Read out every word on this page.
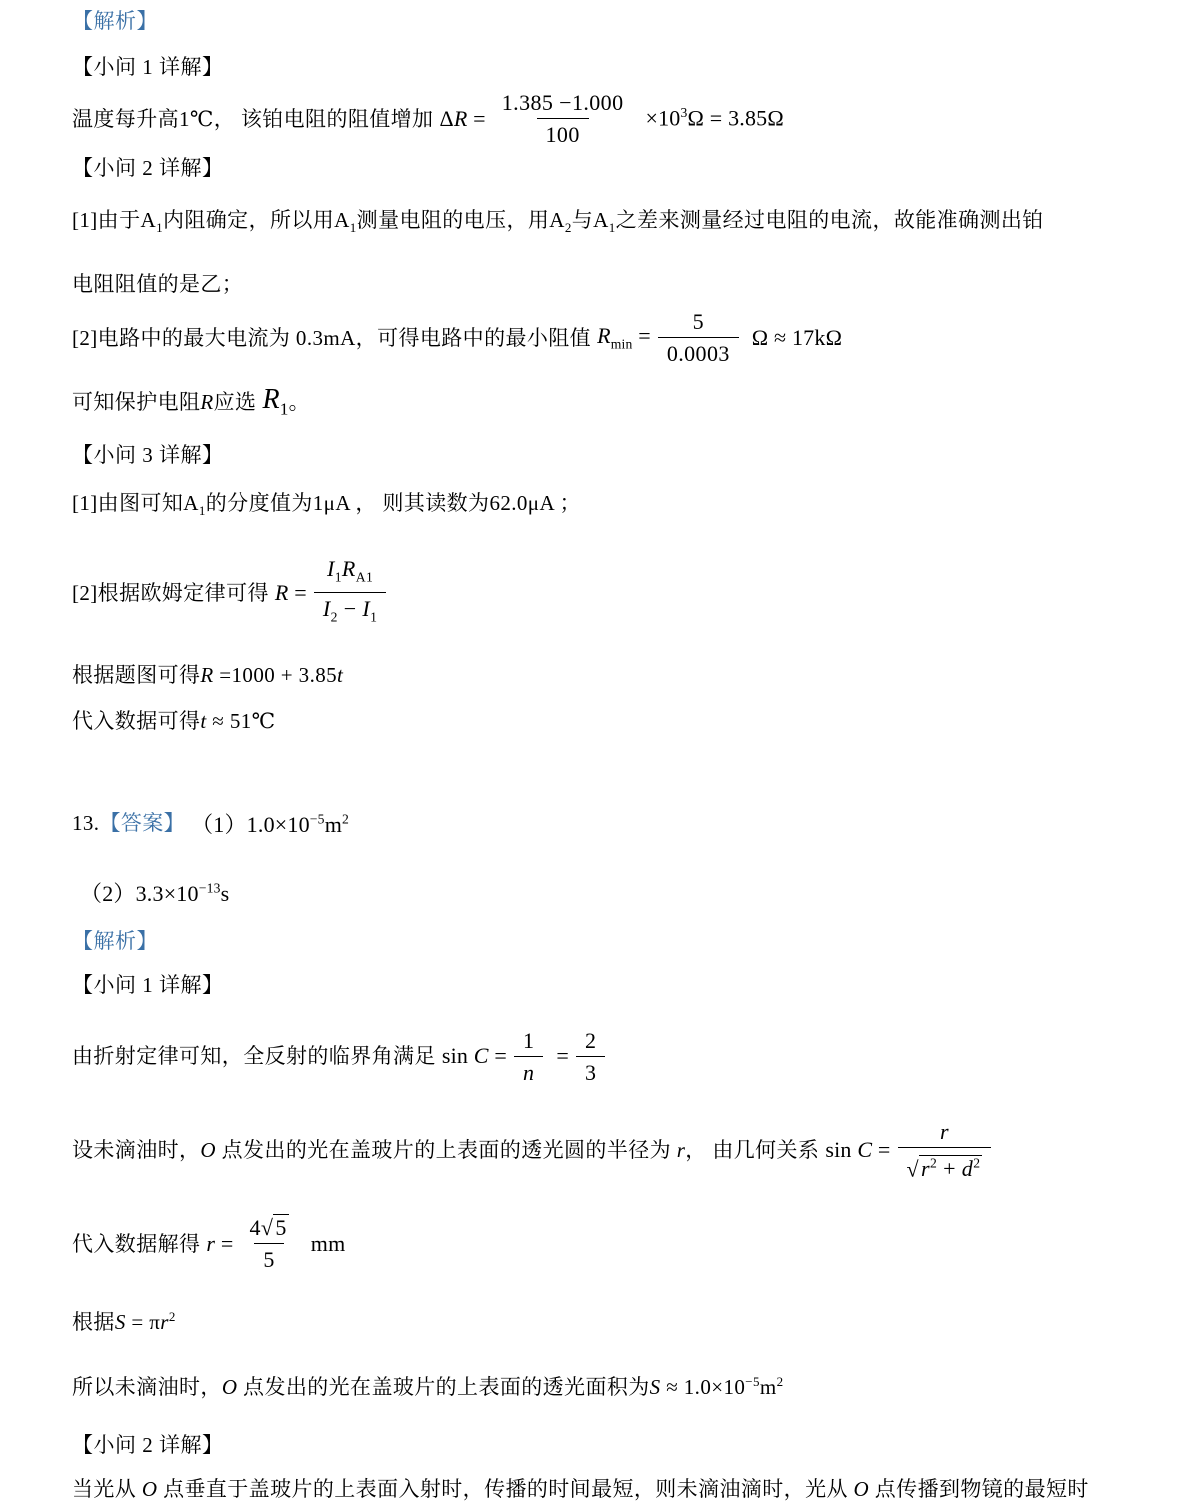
【解析】

【小问 1 详解】

温度每升高1℃， 该铂电阻的阻值增加 $\Delta R = \frac{1.385 -1.000}{100} \times 10^3\Omega = 3.85\Omega$

【小问 2 详解】

[1]由于$A_1$内阻确定，所以用$A_1$测量电阻的电压，用$A_2$与$A_1$之差来测量经过电阻的电流，故能准确测出铂

电阻阻值的是乙；

[2]电路中的最大电流为 0.3mA，可得电路中的最小阻值 $R_{min} = \frac{5}{0.0003}$ Ω ≈ 17kΩ

可知保护电阻R应选 $R_1$ 。

【小问 3 详解】

[1]由图可知$A_1$的分度值为1μA ， 则其读数为62.0μA ；

[2]根据欧姆定律可得 $R = \frac{I_1R_{A1}}{I_2 - I_1}$

根据题图可得R =1000 + 3.85t

代入数据可得t ≈ 51℃

13. 【答案】 $(1)1.0\times 10^{-5}m^2$

$(2)3.3\times 10^{-13}s$

【解析】

【小问 1 详解】

由折射定律可知，全反射的临界角满足 $\sin C = \frac{1}{n} = \frac{2}{3}$

设未滴油时，O 点发出的光在盖玻片的上表面的透光圆的半径为 r， 由几何关系 $\sin C = \frac{r}{√r^2 + d^2}$

代入数据解得 $r = \frac{4√5}{5}$ mm

根据$S = \pi r^2$

所以未滴油时，O 点发出的光在盖玻片的上表面的透光面积为$S \approx 1.0\times 10^{-5}m^2$

【小问 2 详解】

当光从 O 点垂直于盖玻片的上表面入射时，传播的时间最短，则未滴油滴时，光从 O 点传播到物镜的最短时
